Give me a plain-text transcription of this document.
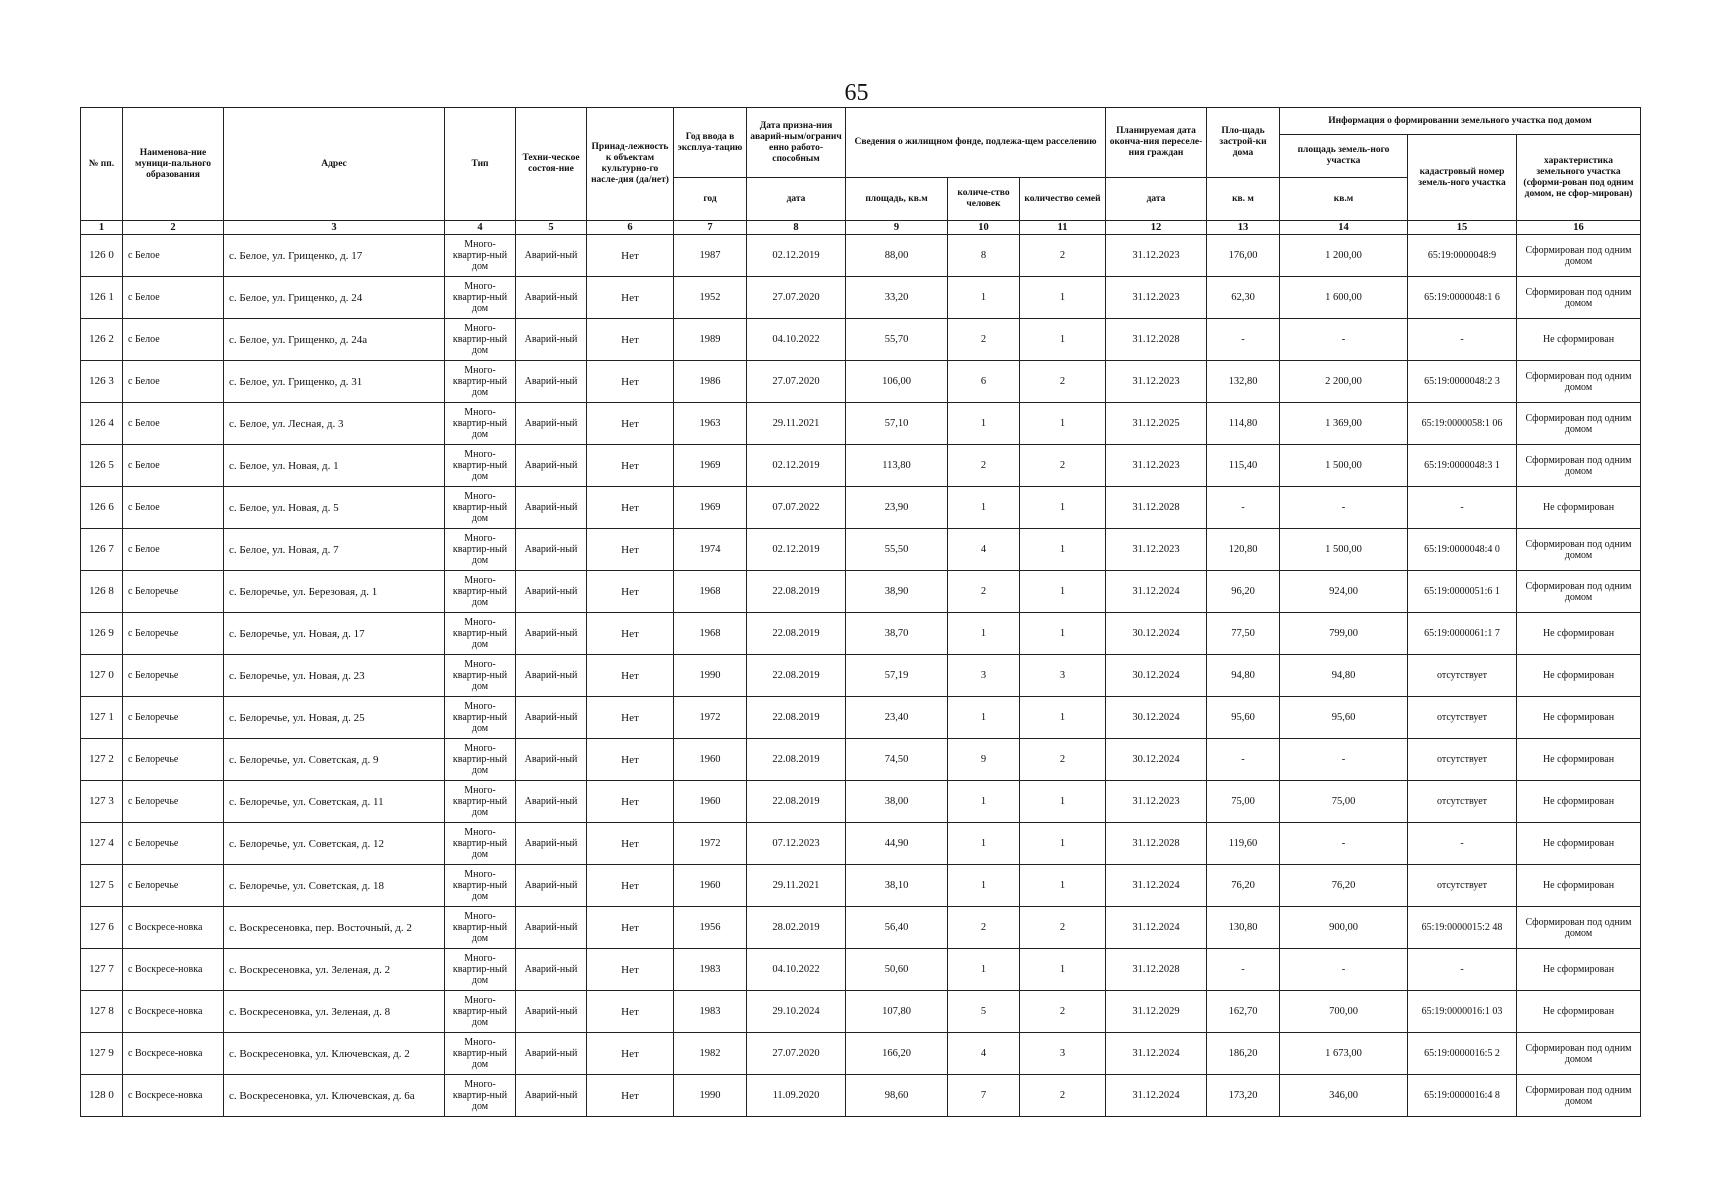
65
№ пп.	Наименова-ние муници-пального образования	Адрес	Тип	Техни-ческое состоя-ние	Принад-лежность к объектам культурно-го насле-дия (да/нет)	Год ввода в эксплуа-тацию	Дата призна-ния аварий-ным/огранич енно работо-способным	Сведения о жилищном фонде, подлежа-щем расселению			Планируемая дата оконча-ния переселе-ния граждан	Пло-щадь застрой-ки дома	Информация о формировании земельного участка под домом		
													площадь земель-ного участка	кадастровый номер земель-ного участка	характеристика земельного участка (сформи-рован под одним домом, не сфор-мирован)
						год	дата	площадь, кв.м	количе-ство человек	количество семей	дата	кв. м	кв.м		
1	2	3	4	5	6	7	8	9	10	11	12	13	14	15	16
126 0	с Белое	с. Белое, ул. Грищенко, д. 17	Много-квартир-ный дом	Аварий-ный	Нет	1987	02.12.2019	88,00	8	2	31.12.2023	176,00	1 200,00	65:19:0000048:9	Сформирован под одним домом
126 1	с Белое	с. Белое, ул. Грищенко, д. 24	Много-квартир-ный дом	Аварий-ный	Нет	1952	27.07.2020	33,20	1	1	31.12.2023	62,30	1 600,00	65:19:0000048:1 6	Сформирован под одним домом
126 2	с Белое	с. Белое, ул. Грищенко, д. 24а	Много-квартир-ный дом	Аварий-ный	Нет	1989	04.10.2022	55,70	2	1	31.12.2028	-	-	-	Не сформирован
126 3	с Белое	с. Белое, ул. Грищенко, д. 31	Много-квартир-ный дом	Аварий-ный	Нет	1986	27.07.2020	106,00	6	2	31.12.2023	132,80	2 200,00	65:19:0000048:2 3	Сформирован под одним домом
126 4	с Белое	с. Белое, ул. Лесная, д. 3	Много-квартир-ный дом	Аварий-ный	Нет	1963	29.11.2021	57,10	1	1	31.12.2025	114,80	1 369,00	65:19:0000058:1 06	Сформирован под одним домом
126 5	с Белое	с. Белое, ул. Новая, д. 1	Много-квартир-ный дом	Аварий-ный	Нет	1969	02.12.2019	113,80	2	2	31.12.2023	115,40	1 500,00	65:19:0000048:3 1	Сформирован под одним домом
126 6	с Белое	с. Белое, ул. Новая, д. 5	Много-квартир-ный дом	Аварий-ный	Нет	1969	07.07.2022	23,90	1	1	31.12.2028	-	-	-	Не сформирован
126 7	с Белое	с. Белое, ул. Новая, д. 7	Много-квартир-ный дом	Аварий-ный	Нет	1974	02.12.2019	55,50	4	1	31.12.2023	120,80	1 500,00	65:19:0000048:4 0	Сформирован под одним домом
126 8	с Белоречье	с. Белоречье, ул. Березовая, д. 1	Много-квартир-ный дом	Аварий-ный	Нет	1968	22.08.2019	38,90	2	1	31.12.2024	96,20	924,00	65:19:0000051:6 1	Сформирован под одним домом
126 9	с Белоречье	с. Белоречье, ул. Новая, д. 17	Много-квартир-ный дом	Аварий-ный	Нет	1968	22.08.2019	38,70	1	1	30.12.2024	77,50	799,00	65:19:0000061:1 7	Не сформирован
127 0	с Белоречье	с. Белоречье, ул. Новая, д. 23	Много-квартир-ный дом	Аварий-ный	Нет	1990	22.08.2019	57,19	3	3	30.12.2024	94,80	94,80	отсутствует	Не сформирован
127 1	с Белоречье	с. Белоречье, ул. Новая, д. 25	Много-квартир-ный дом	Аварий-ный	Нет	1972	22.08.2019	23,40	1	1	30.12.2024	95,60	95,60	отсутствует	Не сформирован
127 2	с Белоречье	с. Белоречье, ул. Советская, д. 9	Много-квартир-ный дом	Аварий-ный	Нет	1960	22.08.2019	74,50	9	2	30.12.2024	-	-	отсутствует	Не сформирован
127 3	с Белоречье	с. Белоречье, ул. Советская, д. 11	Много-квартир-ный дом	Аварий-ный	Нет	1960	22.08.2019	38,00	1	1	31.12.2023	75,00	75,00	отсутствует	Не сформирован
127 4	с Белоречье	с. Белоречье, ул. Советская, д. 12	Много-квартир-ный дом	Аварий-ный	Нет	1972	07.12.2023	44,90	1	1	31.12.2028	119,60	-	-	Не сформирован
127 5	с Белоречье	с. Белоречье, ул. Советская, д. 18	Много-квартир-ный дом	Аварий-ный	Нет	1960	29.11.2021	38,10	1	1	31.12.2024	76,20	76,20	отсутствует	Не сформирован
127 6	с Воскресе-новка	с. Воскресеновка, пер. Восточный, д. 2	Много-квартир-ный дом	Аварий-ный	Нет	1956	28.02.2019	56,40	2	2	31.12.2024	130,80	900,00	65:19:0000015:2 48	Сформирован под одним домом
127 7	с Воскресе-новка	с. Воскресеновка, ул. Зеленая, д. 2	Много-квартир-ный дом	Аварий-ный	Нет	1983	04.10.2022	50,60	1	1	31.12.2028	-	-	-	Не сформирован
127 8	с Воскресе-новка	с. Воскресеновка, ул. Зеленая, д. 8	Много-квартир-ный дом	Аварий-ный	Нет	1983	29.10.2024	107,80	5	2	31.12.2029	162,70	700,00	65:19:0000016:1 03	Не сформирован
127 9	с Воскресе-новка	с. Воскресеновка, ул. Ключевская, д. 2	Много-квартир-ный дом	Аварий-ный	Нет	1982	27.07.2020	166,20	4	3	31.12.2024	186,20	1 673,00	65:19:0000016:5 2	Сформирован под одним домом
128 0	с Воскресе-новка	с. Воскресеновка, ул. Ключевская, д. 6а	Много-квартир-ный дом	Аварий-ный	Нет	1990	11.09.2020	98,60	7	2	31.12.2024	173,20	346,00	65:19:0000016:4 8	Сформирован под одним домом
